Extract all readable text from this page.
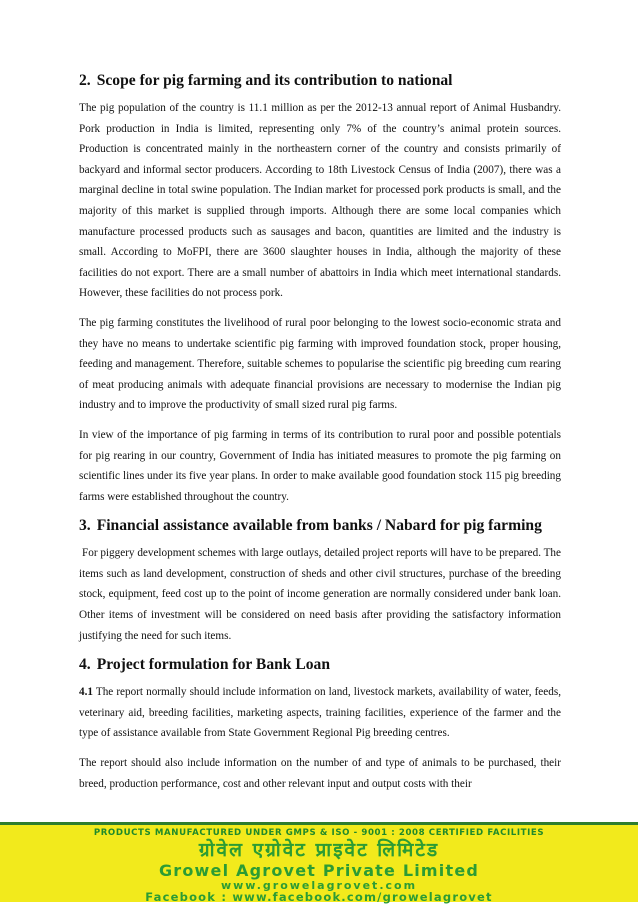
2. Scope for pig farming and its contribution to national

The pig population of the country is 11.1 million as per the 2012-13 annual report of Animal Husbandry. Pork production in India is limited, representing only 7% of the country’s animal protein sources. Production is concentrated mainly in the northeastern corner of the country and consists primarily of backyard and informal sector producers. According to 18th Livestock Census of India (2007), there was a marginal decline in total swine population. The Indian market for processed pork products is small, and the majority of this market is supplied through imports. Although there are some local companies which manufacture processed products such as sausages and bacon, quantities are limited and the industry is small. According to MoFPI, there are 3600 slaughter houses in India, although the majority of these facilities do not export. There are a small number of abattoirs in India which meet international standards. However, these facilities do not process pork.

The pig farming constitutes the livelihood of rural poor belonging to the lowest socio-economic strata and they have no means to undertake scientific pig farming with improved foundation stock, proper housing, feeding and management. Therefore, suitable schemes to popularise the scientific pig breeding cum rearing of meat producing animals with adequate financial provisions are necessary to modernise the Indian pig industry and to improve the productivity of small sized rural pig farms.

In view of the importance of pig farming in terms of its contribution to rural poor and possible potentials for pig rearing in our country, Government of India has initiated measures to promote the pig farming on scientific lines under its five year plans. In order to make available good foundation stock 115 pig breeding farms were established throughout the country.

3. Financial assistance available from banks / Nabard for pig farming

For piggery development schemes with large outlays, detailed project reports will have to be prepared. The items such as land development, construction of sheds and other civil structures, purchase of the breeding stock, equipment, feed cost up to the point of income generation are normally considered under bank loan. Other items of investment will be considered on need basis after providing the satisfactory information justifying the need for such items.

4. Project formulation for Bank Loan

4.1 The report normally should include information on land, livestock markets, availability of water, feeds, veterinary aid, breeding facilities, marketing aspects, training facilities, experience of the farmer and the type of assistance available from State Government Regional Pig breeding centres.

The report should also include information on the number of and type of animals to be purchased, their breed, production performance, cost and other relevant input and output costs with their

PRODUCTS MANUFACTURED UNDER GMPS & ISO - 9001 : 2008 CERTIFIED FACILITIES
ग्रोवेल एग्रोवेट प्राइवेट लिमिटेड
Growel Agrovet Private Limited
www.growelagrovet.com
Facebook : www.facebook.com/growelagrovet
